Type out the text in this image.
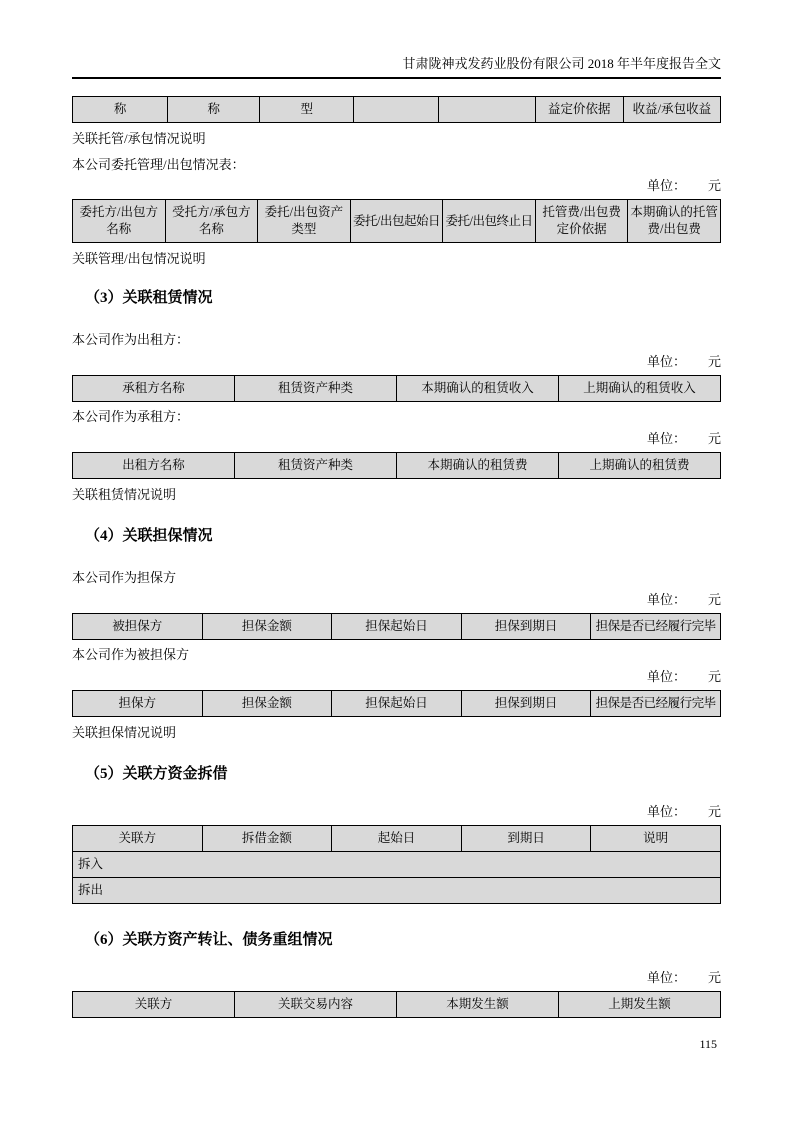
甘肃陇神戎发药业股份有限公司 2018 年半年度报告全文
称	称	型			益定价依据	收益/承包收益

关联托管/承包情况说明

本公司委托管理/出包情况表：

单位： 元

委托方/出包方名称	受托方/承包方名称	委托/出包资产类型	委托/出包起始日	委托/出包终止日	托管费/出包费定价依据	本期确认的托管费/出包费

关联管理/出包情况说明

（3）关联租赁情况

本公司作为出租方：

单位： 元

承租方名称	租赁资产种类	本期确认的租赁收入	上期确认的租赁收入

本公司作为承租方：

单位： 元

出租方名称	租赁资产种类	本期确认的租赁费	上期确认的租赁费

关联租赁情况说明

（4）关联担保情况

本公司作为担保方

单位： 元

被担保方	担保金额	担保起始日	担保到期日	担保是否已经履行完毕

本公司作为被担保方

单位： 元

担保方	担保金额	担保起始日	担保到期日	担保是否已经履行完毕

关联担保情况说明

（5）关联方资金拆借

单位： 元

关联方	拆借金额	起始日	到期日	说明
拆入
拆出
（6）关联方资产转让、债务重组情况

单位： 元

关联方	关联交易内容	本期发生额	上期发生额
115
